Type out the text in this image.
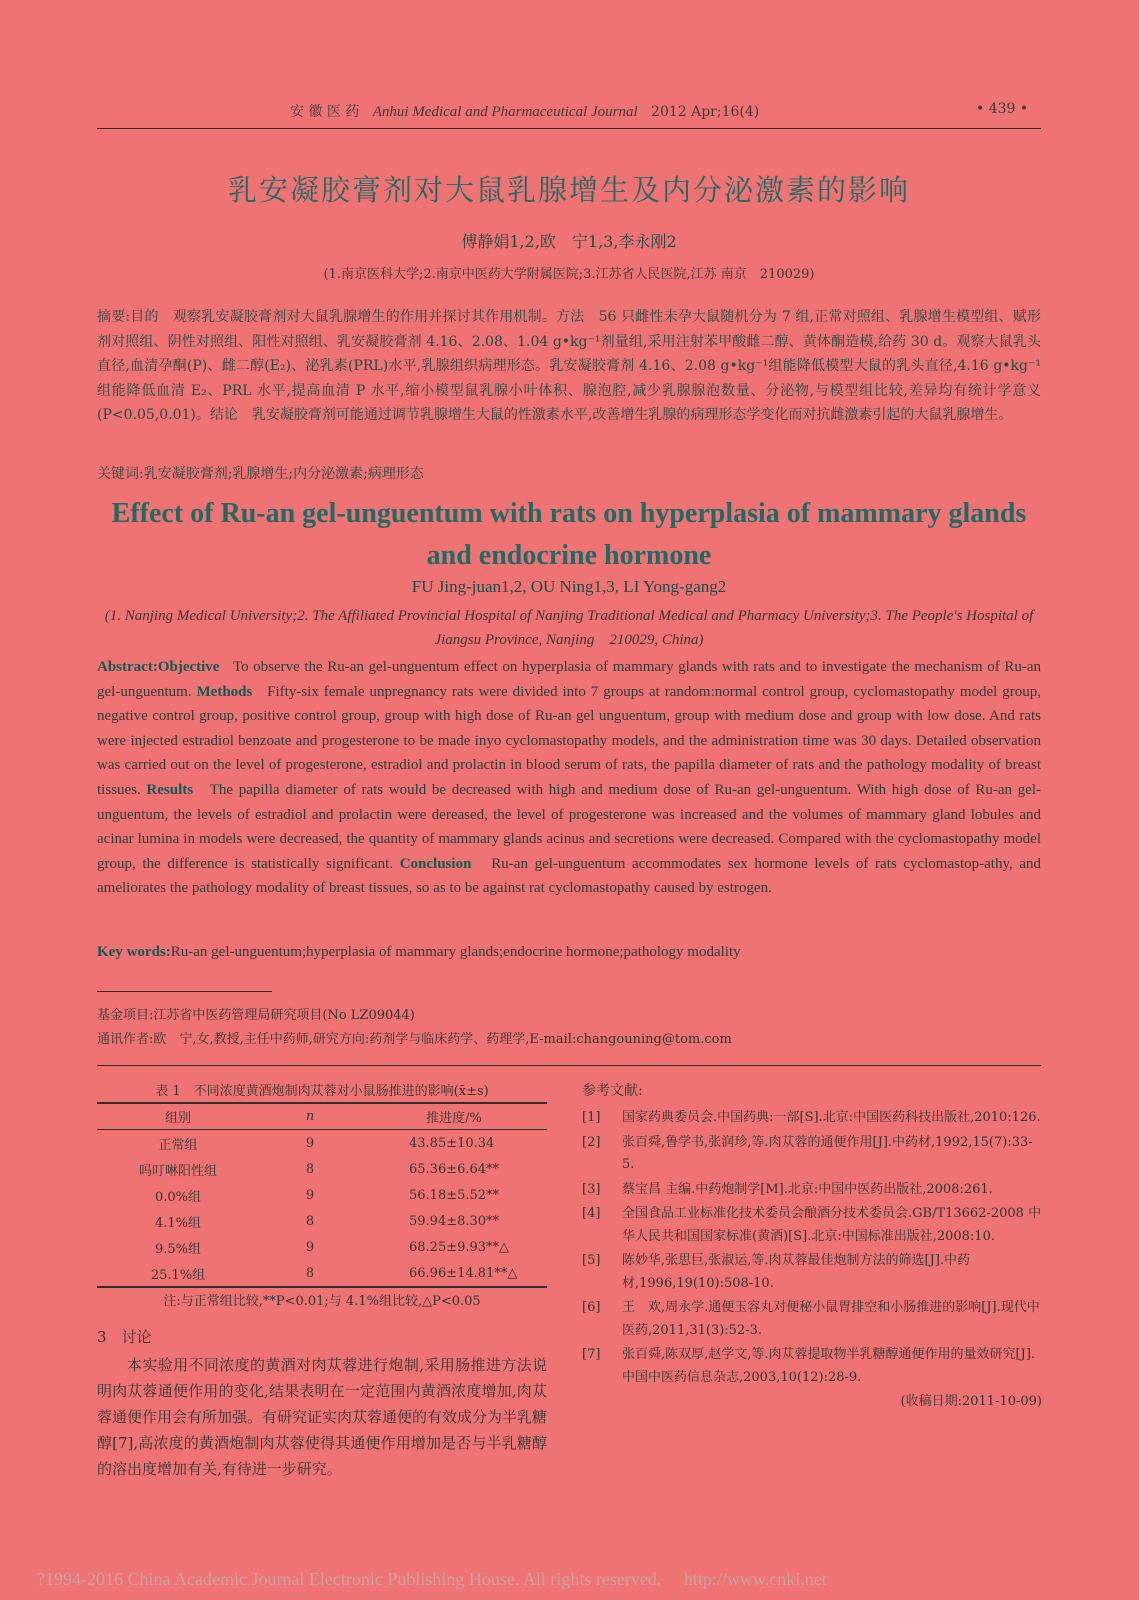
安 徽 医 药 Anhui Medical and Pharmaceutical Journal 2012 Apr;16(4)	• 439 •
乳安凝胶膏剂对大鼠乳腺增生及内分泌激素的影响
傅静娟1,2,欧　宁1,3,李永刚2
(1.南京医科大学;2.南京中医药大学附属医院;3.江苏省人民医院,江苏 南京　210029)
摘要:目的　观察乳安凝胶膏剂对大鼠乳腺增生的作用并探讨其作用机制。方法　56 只雌性未孕大鼠随机分为 7 组,正常对照组、乳腺增生模型组、赋形剂对照组、阴性对照组、阳性对照组、乳安凝胶膏剂 4.16、2.08、1.04 g•kg⁻¹剂量组,采用注射苯甲酸雌二醇、黄体酮造模,给药 30 d。观察大鼠乳头直径,血清孕酮(P)、雌二醇(E₂)、泌乳素(PRL)水平,乳腺组织病理形态。乳安凝胶膏剂 4.16、2.08 g•kg⁻¹组能降低模型大鼠的乳头直径,4.16 g•kg⁻¹组能降低血清 E₂、PRL 水平,提高血清 P 水平,缩小模型鼠乳腺小叶体积、腺泡腔,减少乳腺腺泡数量、分泌物,与模型组比较,差异均有统计学意义(P<0.05,0.01)。结论　乳安凝胶膏剂可能通过调节乳腺增生大鼠的性激素水平,改善增生乳腺的病理形态学变化而对抗雌激素引起的大鼠乳腺增生。
关键词:乳安凝胶膏剂;乳腺增生;内分泌激素;病理形态
Effect of Ru-an gel-unguentum with rats on hyperplasia of mammary glands and endocrine hormone
FU Jing-juan1,2, OU Ning1,3, LI Yong-gang2
(1. Nanjing Medical University;2. The Affiliated Provincial Hospital of Nanjing Traditional Medical and Pharmacy University;3. The People's Hospital of Jiangsu Province, Nanjing　210029, China)
Abstract:Objective To observe the Ru-an gel-unguentum effect on hyperplasia of mammary glands with rats and to investigate the mechanism of Ru-an gel-unguentum. Methods Fifty-six female unpregnancy rats were divided into 7 groups at random:normal control group, cyclomastopathy model group, negative control group, positive control group, group with high dose of Ru-an gel unguentum, group with medium dose and group with low dose. And rats were injected estradiol benzoate and progesterone to be made inyo cyclomastopathy models, and the administration time was 30 days. Detailed observation was carried out on the level of progesterone, estradiol and prolactin in blood serum of rats, the papilla diameter of rats and the pathology modality of breast tissues. Results The papilla diameter of rats would be decreased with high and medium dose of Ru-an gel-unguentum. With high dose of Ru-an gel-unguentum, the levels of estradiol and prolactin were dereased, the level of progesterone was increased and the volumes of mammary gland lobules and acinar lumina in models were decreased, the quantity of mammary glands acinus and secretions were decreased. Compared with the cyclomastopathy model group, the difference is statistically significant. Conclusion Ru-an gel-unguentum accommodates sex hormone levels of rats cyclomastop-athy, and ameliorates the pathology modality of breast tissues, so as to be against rat cyclomastopathy caused by estrogen.
Key words:Ru-an gel-unguentum;hyperplasia of mammary glands;endocrine hormone;pathology modality
基金项目:江苏省中医药管理局研究项目(No LZ09044)
通讯作者:欧　宁,女,教授,主任中药师,研究方向:药剂学与临床药学、药理学,E-mail:changouning@tom.com
表 1　不同浓度黄酒炮制肉苁蓉对小鼠肠推进的影响(x̄±s)
组别	n	推进度/%
正常组	9	43.85±10.34
吗叮啉阳性组	8	65.36±6.64**
0.0%组	9	56.18±5.52**
4.1%组	8	59.94±8.30**
9.5%组	9	68.25±9.93**△
25.1%组	8	66.96±14.81**△
注:与正常组比较,**P<0.01;与 4.1%组比较,△P<0.05
3　讨论
本实验用不同浓度的黄酒对肉苁蓉进行炮制,采用肠推进方法说明肉苁蓉通便作用的变化,结果表明在一定范围内黄酒浓度增加,肉苁蓉通便作用会有所加强。有研究证实肉苁蓉通便的有效成分为半乳糖醇[7],高浓度的黄酒炮制肉苁蓉使得其通便作用增加是否与半乳糖醇的溶出度增加有关,有待进一步研究。
参考文献:
[1]	国家药典委员会.中国药典:一部[S].北京:中国医药科技出版社,2010:126.
[2]	张百舜,鲁学书,张润珍,等.肉苁蓉的通便作用[J].中药材,1992,15(7):33-5.
[3]	蔡宝昌 主编.中药炮制学[M].北京:中国中医药出版社,2008:261.
[4]	全国食品工业标准化技术委员会酿酒分技术委员会.GB/T13662-2008 中华人民共和国国家标准(黄酒)[S].北京:中国标准出版社,2008:10.
[5]	陈妙华,张思巨,张淑运,等.肉苁蓉最佳炮制方法的筛选[J].中药材,1996,19(10):508-10.
[6]	王　欢,周永学.通便玉容丸对便秘小鼠胃排空和小肠推进的影响[J].现代中医药,2011,31(3):52-3.
[7]	张百舜,陈双厚,赵学文,等.肉苁蓉提取物半乳糖醇通便作用的量效研究[J].中国中医药信息杂志,2003,10(12):28-9.
(收稿日期:2011-10-09)
?1994-2016 China Academic Journal Electronic Publishing House. All rights reserved.　 http://www.cnki.net
